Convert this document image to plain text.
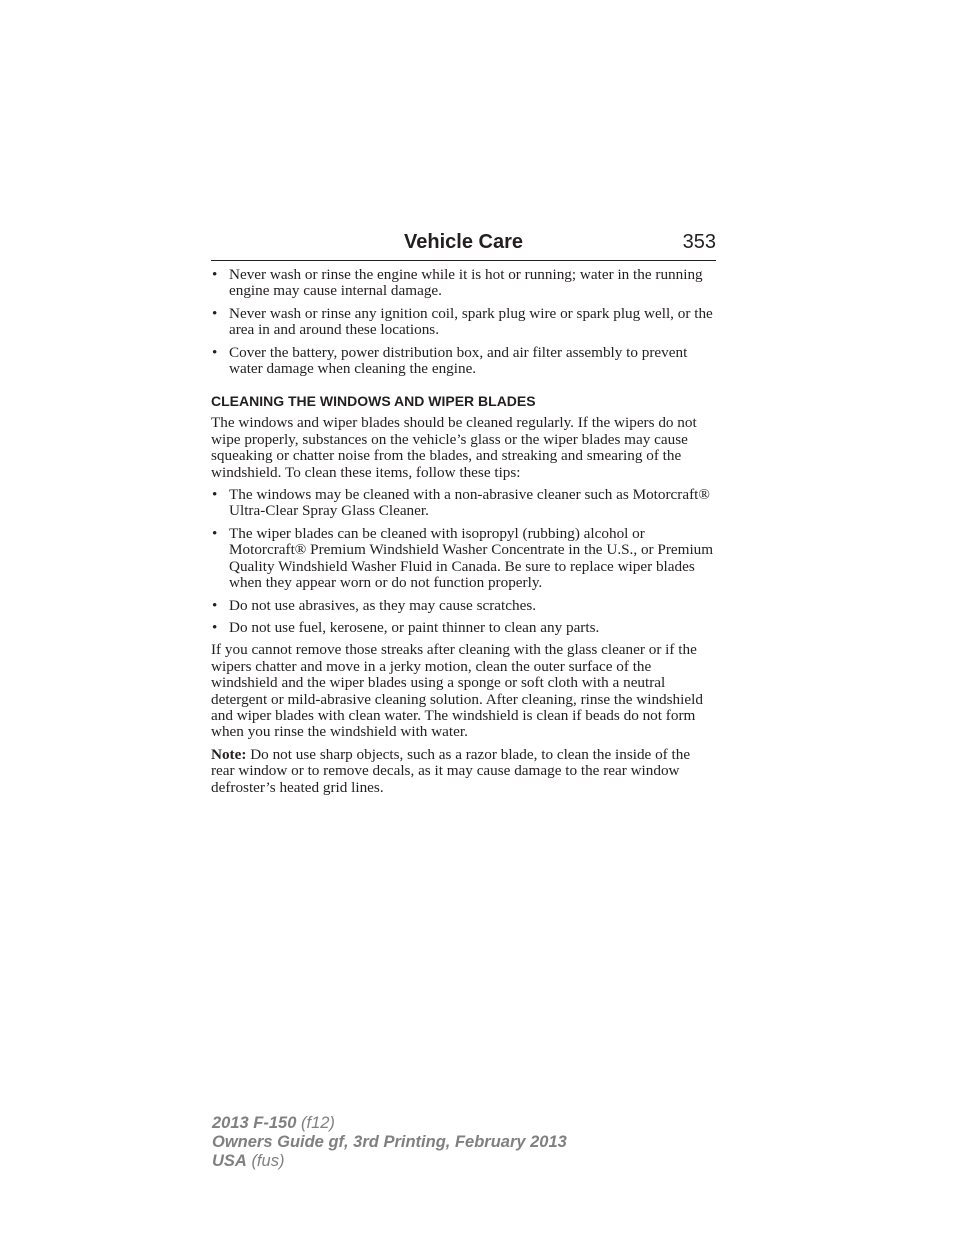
Vehicle Care	353
• Never wash or rinse the engine while it is hot or running; water in the running engine may cause internal damage.
• Never wash or rinse any ignition coil, spark plug wire or spark plug well, or the area in and around these locations.
• Cover the battery, power distribution box, and air filter assembly to prevent water damage when cleaning the engine.
CLEANING THE WINDOWS AND WIPER BLADES

The windows and wiper blades should be cleaned regularly. If the wipers do not wipe properly, substances on the vehicle’s glass or the wiper blades may cause squeaking or chatter noise from the blades, and streaking and smearing of the windshield. To clean these items, follow these tips:

• The windows may be cleaned with a non-abrasive cleaner such as Motorcraft® Ultra-Clear Spray Glass Cleaner.
• The wiper blades can be cleaned with isopropyl (rubbing) alcohol or Motorcraft® Premium Windshield Washer Concentrate in the U.S., or Premium Quality Windshield Washer Fluid in Canada. Be sure to replace wiper blades when they appear worn or do not function properly.
• Do not use abrasives, as they may cause scratches.
• Do not use fuel, kerosene, or paint thinner to clean any parts.

If you cannot remove those streaks after cleaning with the glass cleaner or if the wipers chatter and move in a jerky motion, clean the outer surface of the windshield and the wiper blades using a sponge or soft cloth with a neutral detergent or mild-abrasive cleaning solution. After cleaning, rinse the windshield and wiper blades with clean water. The windshield is clean if beads do not form when you rinse the windshield with water.

Note: Do not use sharp objects, such as a razor blade, to clean the inside of the rear window or to remove decals, as it may cause damage to the rear window defroster’s heated grid lines.

2013 F-150 (f12)
Owners Guide gf, 3rd Printing, February 2013
USA (fus)
